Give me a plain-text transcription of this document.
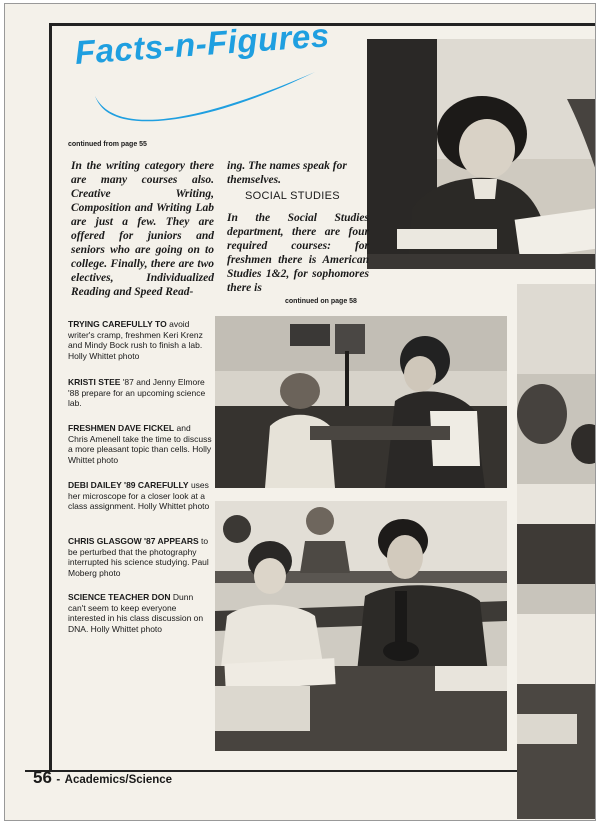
Facts-n-Figures
continued from page 55
In the writing category there are many courses also. Creative Writing, Composition and Writing Lab are just a few. They are offered for juniors and seniors who are going on to college. Finally, there are two electives, Individualized Reading and Speed Read-
ing. The names speak for themselves.
SOCIAL STUDIES
In the Social Studies department, there are four required courses: for freshmen there is American Studies 1&2, for sophomores there is
continued on page 58
TRYING CAREFULLY TO avoid writer's cramp, freshmen Keri Krenz and Mindy Bock rush to finish a lab. Holly Whittet photo
KRISTI STEE '87 and Jenny Elmore '88 prepare for an upcoming science lab.
FRESHMEN DAVE FICKEL and Chris Amenell take the time to discuss a more pleasant topic than cells. Holly Whittet photo
DEBI DAILEY '89 CAREFULLY uses her microscope for a closer look at a class assignment. Holly Whittet photo
CHRIS GLASGOW '87 APPEARS to be perturbed that the photography interrupted his science studying. Paul Moberg photo
SCIENCE TEACHER DON Dunn can't seem to keep everyone interested in his class discussion on DNA. Holly Whittet photo
56 - Academics/Science
